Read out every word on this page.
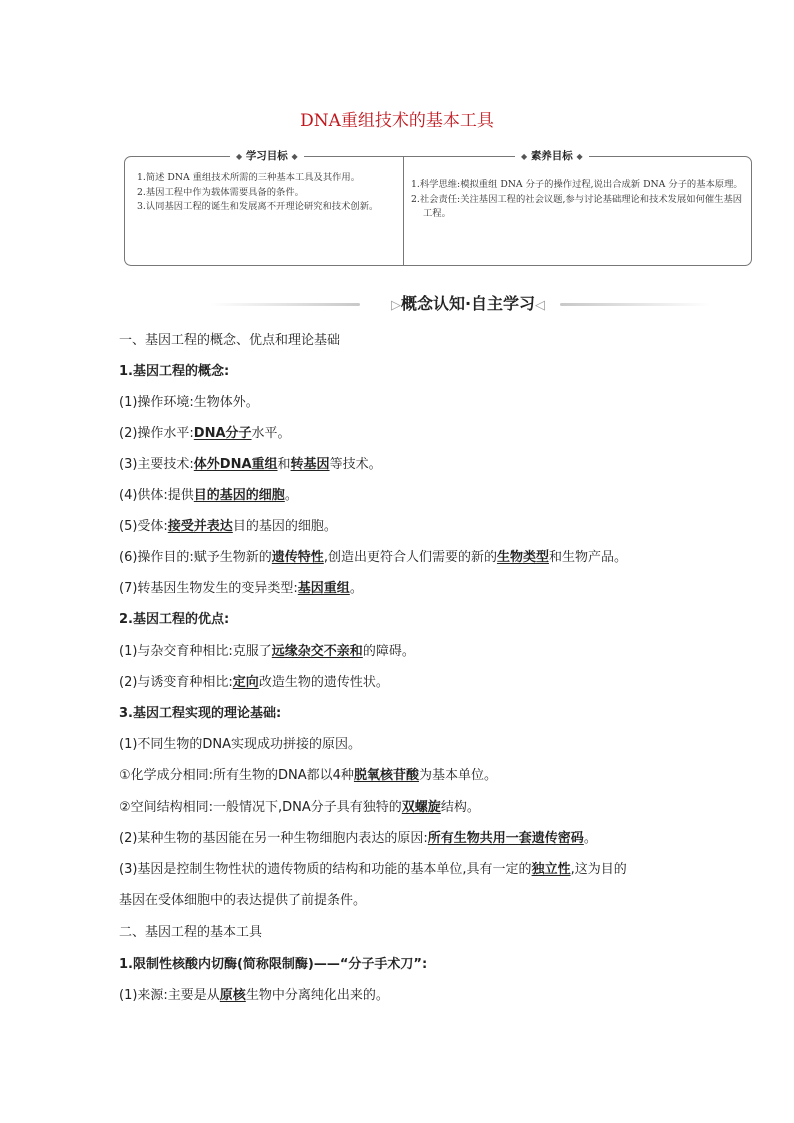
DNA重组技术的基本工具
◆ 学习目标 ◆
1.简述 DNA 重组技术所需的三种基本工具及其作用。
2.基因工程中作为载体需要具备的条件。
3.认同基因工程的诞生和发展离不开理论研究和技术创新。
◆ 素养目标 ◆
1.科学思维:模拟重组 DNA 分子的操作过程,说出合成新 DNA 分子的基本原理。
2.社会责任:关注基因工程的社会议题,参与讨论基础理论和技术发展如何催生基因工程。
▷概念认知·自主学习◁
一、基因工程的概念、优点和理论基础
1.基因工程的概念:
(1)操作环境:生物体外。
(2)操作水平:DNA分子水平。
(3)主要技术:体外DNA重组和转基因等技术。
(4)供体:提供目的基因的细胞。
(5)受体:接受并表达目的基因的细胞。
(6)操作目的:赋予生物新的遗传特性,创造出更符合人们需要的新的生物类型和生物产品。
(7)转基因生物发生的变异类型:基因重组。
2.基因工程的优点:
(1)与杂交育种相比:克服了远缘杂交不亲和的障碍。
(2)与诱变育种相比:定向改造生物的遗传性状。
3.基因工程实现的理论基础:
(1)不同生物的DNA实现成功拼接的原因。
①化学成分相同:所有生物的DNA都以4种脱氧核苷酸为基本单位。
②空间结构相同:一般情况下,DNA分子具有独特的双螺旋结构。
(2)某种生物的基因能在另一种生物细胞内表达的原因:所有生物共用一套遗传密码。
(3)基因是控制生物性状的遗传物质的结构和功能的基本单位,具有一定的独立性,这为目的
基因在受体细胞中的表达提供了前提条件。
二、基因工程的基本工具
1.限制性核酸内切酶(简称限制酶)——“分子手术刀”:
(1)来源:主要是从原核生物中分离纯化出来的。
